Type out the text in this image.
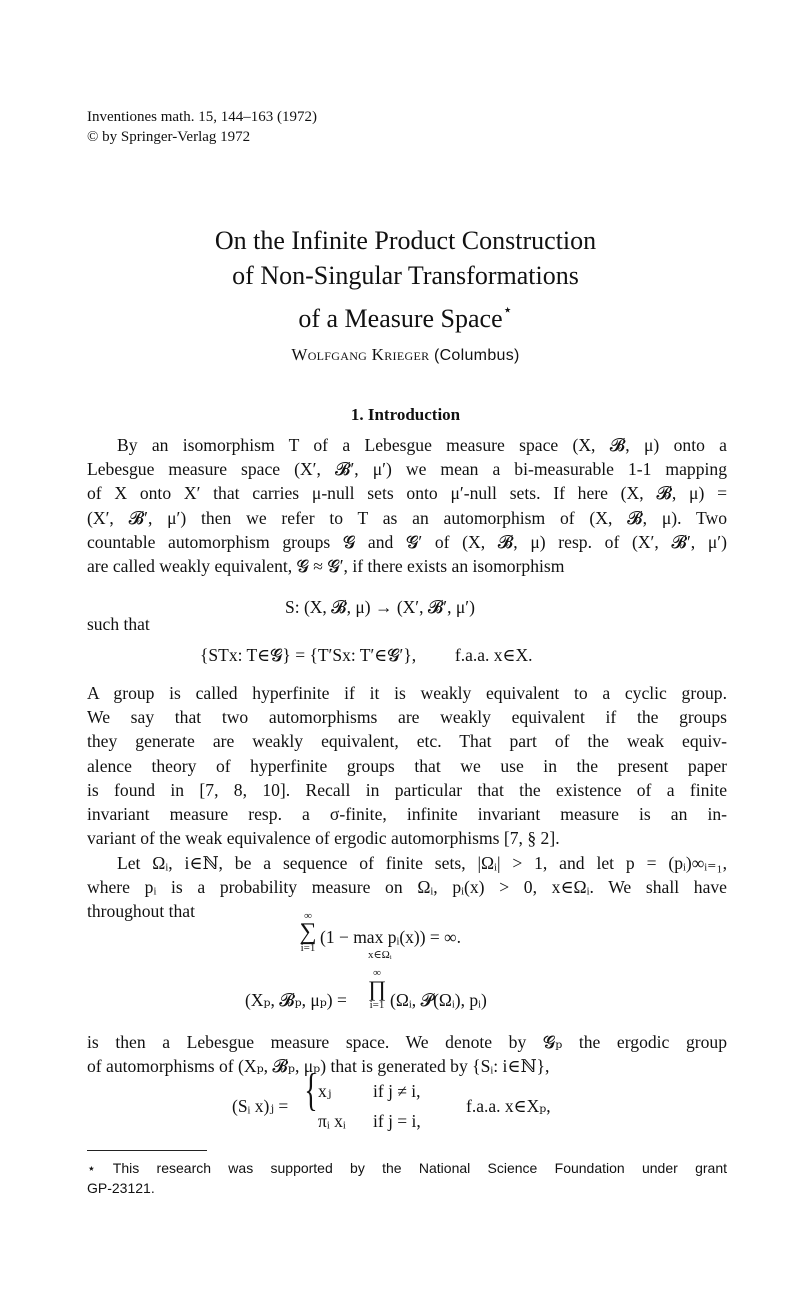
Inventiones math. 15, 144–163 (1972)
© by Springer-Verlag 1972
On the Infinite Product Construction
of Non-Singular Transformations
of a Measure Space⋆
Wolfgang Krieger (Columbus)
1. Introduction
By an isomorphism T of a Lebesgue measure space (X, 𝓑, μ) onto a
Lebesgue measure space (X′, 𝓑′, μ′) we mean a bi-measurable 1-1 mapping
of X onto X′ that carries μ-null sets onto μ′-null sets. If here (X, 𝓑, μ) =
(X′, 𝓑′, μ′) then we refer to T as an automorphism of (X, 𝓑, μ). Two
countable automorphism groups 𝓖 and 𝓖′ of (X, 𝓑, μ) resp. of (X′, 𝓑′, μ′)
are called weakly equivalent, 𝓖 ≈ 𝓖′, if there exists an isomorphism
S: (X, 𝓑, μ) → (X′, 𝓑′, μ′)
such that
{STx: T∈𝓖} = {T′Sx: T′∈𝓖′}, f.a.a. x∈X.
A group is called hyperfinite if it is weakly equivalent to a cyclic group.
We say that two automorphisms are weakly equivalent if the groups
they generate are weakly equivalent, etc. That part of the weak equiv-
alence theory of hyperfinite groups that we use in the present paper
is found in [7, 8, 10]. Recall in particular that the existence of a finite
invariant measure resp. a σ-finite, infinite invariant measure is an in-
variant of the weak equivalence of ergodic automorphisms [7, § 2].
Let Ωᵢ, i∈ℕ, be a sequence of finite sets, |Ωᵢ| > 1, and let p = (pᵢ)∞ᵢ₌₁,
where pᵢ is a probability measure on Ωᵢ, pᵢ(x) > 0, x∈Ωᵢ. We shall have
throughout that	∞
∑
i=1
(1 − max pᵢ(x)) = ∞.
x∈Ωᵢ
(Xₚ, 𝓑ₚ, μₚ) =
∞
∏
i=1 (Ωᵢ, 𝓟(Ωᵢ), pᵢ)
is then a Lebesgue measure space. We denote by 𝓖ₚ the ergodic group
of automorphisms of (Xₚ, 𝓑ₚ, μₚ) that is generated by {Sᵢ: i∈ℕ},
(Sᵢ x)ⱼ = { xⱼ if j ≠ i,
πᵢ xᵢ if j = i,
f.a.a. x∈Xₚ,
⋆ This research was supported by the National Science Foundation under grant
GP-23121.
